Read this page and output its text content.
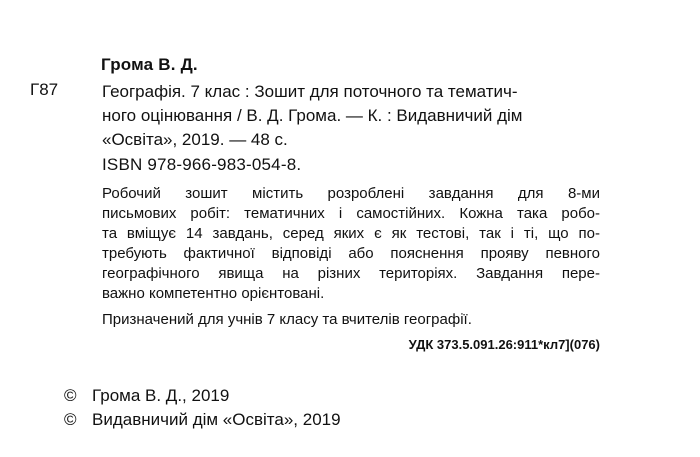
Грома В. Д.
Г87	Географія. 7 клас : Зошит для поточного та тематич-
ного оцінювання / В. Д. Грома. — К. : Видавничий дім
«Освіта», 2019. — 48 с.
ISBN 978-966-983-054-8.
Робочий зошит містить розроблені завдання для 8-ми
письмових робіт: тематичних і самостійних. Кожна така робо-
та вміщує 14 завдань, серед яких є як тестові, так і ті, що по-
требують фактичної відповіді або пояснення прояву певного
географічного явища на різних територіях. Завдання пере-
важно компетентно орієнтовані.
Призначений для учнів 7 класу та вчителів географії.
УДК 373.5.091.26:911*кл7](076)
© Грома В. Д., 2019
© Видавничий дім «Освіта», 2019
